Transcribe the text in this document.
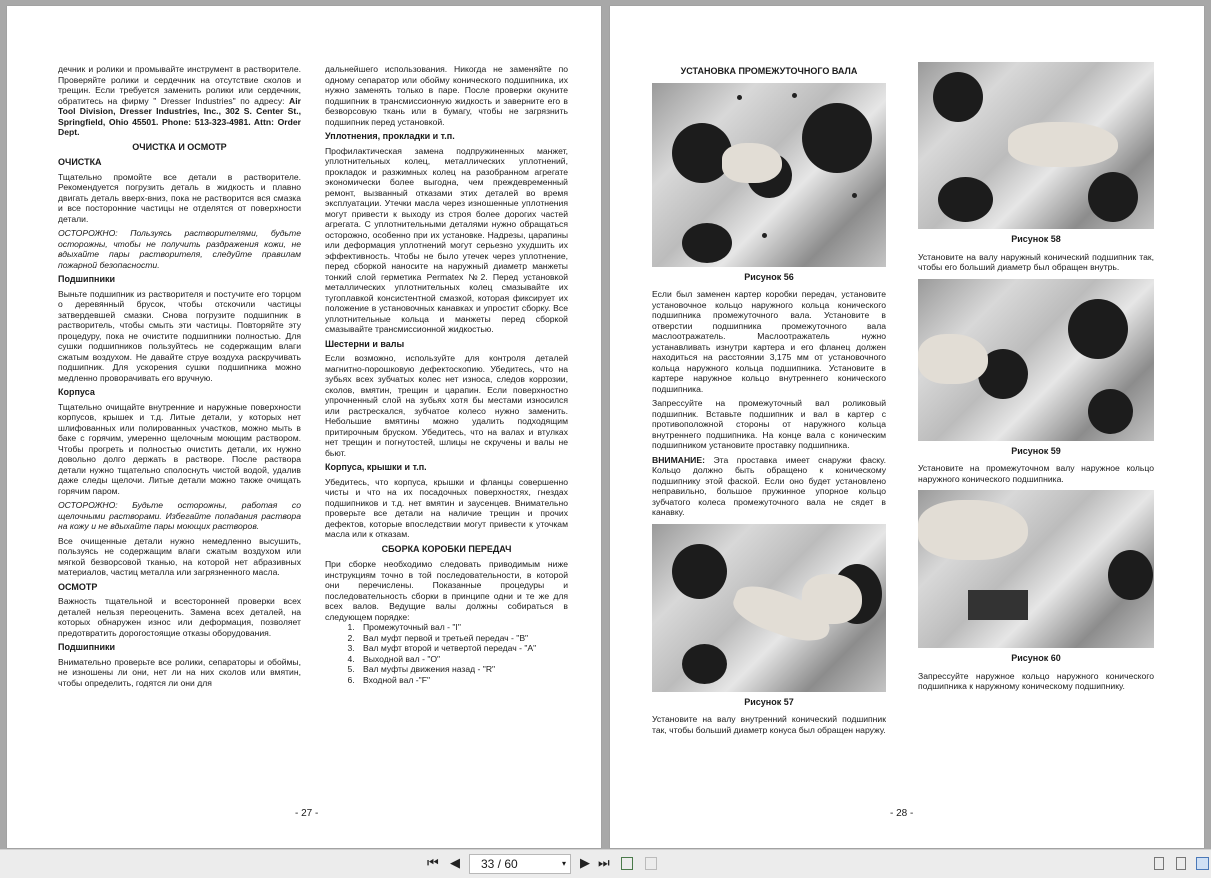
дечник и ролики и промывайте инструмент в растворителе. Проверяйте ролики и сердечник на отсутствие сколов и трещин. Если требуется заменить ролики или сердечник, обратитесь на фирму " Dresser Industries" по адресу: Air Tool Division, Dresser Industries, Inc., 302 S. Center St., Springfield, Ohio 45501. Phone: 513-323-4981. Attn: Order Dept.

ОЧИСТКА И ОСМОТР
ОЧИСТКА

Тщательно промойте все детали в растворителе. Рекомендуется погрузить деталь в жидкость и плавно двигать деталь вверх-вниз, пока не растворится вся смазка и все посторонние частицы не отделятся от поверхности детали.

ОСТОРОЖНО: Пользуясь растворителями, будьте осторожны, чтобы не получить раздражения кожи, не вдыхайте пары растворителя, следуйте правилам пожарной безопасности.

Подшипники

Выньте подшипник из растворителя и постучите его торцом о деревянный брусок, чтобы отскочили частицы затвердевшей смазки. Снова погрузите подшипник в растворитель, чтобы смыть эти частицы. Повторяйте эту процедуру, пока не очистите подшипники полностью. Для сушки подшипников пользуйтесь не содержащим влаги сжатым воздухом. Не давайте струе воздуха раскручивать подшипник. Для ускорения сушки подшипника можно медленно проворачивать его вручную.

Корпуса

Тщательно очищайте внутренние и наружные поверхности корпусов, крышек и т.д. Литые детали, у которых нет шлифованных или полированных участков, можно мыть в баке с горячим, умеренно щелочным моющим раствором. Чтобы прогреть и полностью очистить детали, их нужно довольно долго держать в растворе. После раствора детали нужно тщательно сполоснуть чистой водой, удалив даже следы щелочи. Литые детали можно также очищать горячим паром.

ОСТОРОЖНО: Будьте осторожны, работая со щелочными растворами. Избегайте попадания раствора на кожу и не вдыхайте пары моющих растворов.

Все очищенные детали нужно немедленно высушить, пользуясь не содержащим влаги сжатым воздухом или мягкой безворсовой тканью, на которой нет абразивных материалов, частиц металла или загрязненного масла.

ОСМОТР

Важность тщательной и всесторонней проверки всех деталей нельзя переоценить. Замена всех деталей, на которых обнаружен износ или деформация, позволяет предотвратить дорогостоящие отказы оборудования.

Подшипники

Внимательно проверьте все ролики, сепараторы и обоймы, не изношены ли они, нет ли на них сколов или вмятин, чтобы определить, годятся ли они для

дальнейшего использования. Никогда не заменяйте по одному сепаратор или обойму конического подшипника, их нужно заменять только в паре. После проверки окуните подшипник в трансмиссионную жидкость и заверните его в безворсовую ткань или в бумагу, чтобы не загрязнить подшипник перед установкой.

Уплотнения, прокладки и т.п.

Профилактическая замена подпружиненных манжет, уплотнительных колец, металлических уплотнений, прокладок и разжимных колец на разобранном агрегате экономически более выгодна, чем преждевременный ремонт, вызванный отказами этих деталей во время эксплуатации. Утечки масла через изношенные уплотнения могут привести к выходу из строя более дорогих частей агрегата. С уплотнительными деталями нужно обращаться осторожно, особенно при их установке. Надрезы, царапины или деформация уплотнений могут серьезно ухудшить их эффективность. Чтобы не было утечек через уплотнение, перед сборкой наносите на наружный диаметр манжеты тонкий слой герметика Permatex №2. Перед установкой металлических уплотнительных колец смазывайте их тугоплавкой консистентной смазкой, которая фиксирует их положение в установочных канавках и упростит сборку. Все уплотнительные кольца и манжеты перед сборкой смазывайте трансмиссионной жидкостью.

Шестерни и валы

Если возможно, используйте для контроля деталей магнитно-порошковую дефектоскопию. Убедитесь, что на зубьях всех зубчатых колес нет износа, следов коррозии, сколов, вмятин, трещин и царапин. Если поверхностно упрочненный слой на зубьях хотя бы местами износился или растрескался, зубчатое колесо нужно заменить. Небольшие вмятины можно удалить подходящим притирочным бруском. Убедитесь, что на валах и втулках нет трещин и погнутостей, шлицы не скручены и валы не бьют.

Корпуса, крышки и т.п.

Убедитесь, что корпуса, крышки и фланцы совершенно чисты и что на их посадочных поверхностях, гнездах подшипников и т.д. нет вмятин и заусенцев. Внимательно проверьте все детали на наличие трещин и прочих дефектов, которые впоследствии могут привести к уточкам масла или к отказам.

СБОРКА КОРОБКИ ПЕРЕДАЧ

При сборке необходимо следовать приводимым ниже инструкциям точно в той последовательности, в которой они перечислены. Показанные процедуры и последовательность сборки в принципе одни и те же для всех валов. Ведущие валы должны собираться в следующем порядке:

1. Промежуточный вал - "I"
2. Вал муфт первой и третьей передач - "B"
3. Вал муфт второй и четвертой передач - "A"
4. Выходной вал - "O"
5. Вал муфты движения назад - "R"
6. Входной вал -"F"
- 27 -
УСТАНОВКА ПРОМЕЖУТОЧНОГО ВАЛА
Рисунок 56

Если был заменен картер коробки передач, установите установочное кольцо наружного кольца конического подшипника промежуточного вала. Установите в отверстии подшипника промежуточного вала маслоотражатель. Маслоотражатель нужно устанавливать изнутри картера и его фланец должен находиться на расстоянии 3,175 мм от установочного кольца наружного кольца подшипника. Установите в картере наружное кольцо внутреннего конического подшипника.

Запрессуйте на промежуточный вал роликовый подшипник. Вставьте подшипник и вал в картер с противоположной стороны от наружного кольца внутреннего подшипника. На конце вала с коническим подшипником установите проставку подшипника.

ВНИМАНИЕ: Эта проставка имеет снаружи фаску. Кольцо должно быть обращено к коническому подшипнику этой фаской. Если оно будет установлено неправильно, большое пружинное упорное кольцо зубчатого колеса промежуточного вала не сядет в канавку.

Рисунок 57

Установите на валу внутренний конический подшипник так, чтобы больший диаметр конуса был обращен наружу.

Рисунок 58

Установите на валу наружный конический подшипник так, чтобы его больший диаметр был обращен внутрь.

Рисунок 59

Установите на промежуточном валу наружное кольцо наружного конического подшипника.

Рисунок 60

Запрессуйте наружное кольцо наружного конического подшипника к наружному коническому подшипнику.

- 28 -
⏮ ◀ 33 / 60	▾ ▶ ⏭
